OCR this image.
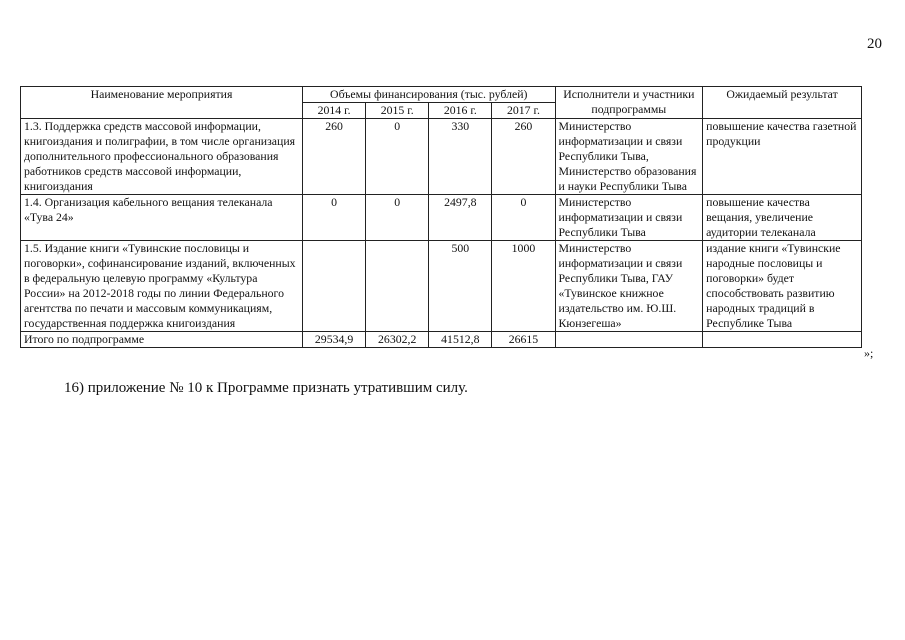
20
Наименование мероприятия	Объемы финансирования (тыс. рублей)				Исполнители и участники подпрограммы	Ожидаемый результат
	2014 г.	2015 г.	2016 г.	2017 г.		
1.3. Поддержка средств массовой информации, книгоиздания и полиграфии, в том числе организация дополнительного профессионального образования работников средств массовой информации, книгоиздания	260	0	330	260	Министерство информатизации и связи Республики Тыва, Министерство образования и науки Республики Тыва	повышение качества газетной продукции
1.4. Организация кабельного вещания телеканала «Тува 24»	0	0	2497,8	0	Министерство информатизации и связи Республики Тыва	повышение качества вещания, увеличение аудитории телеканала
1.5. Издание книги «Тувинские пословицы и поговорки», софинансирование изданий, включенных в федеральную целевую программу «Культура России» на 2012-2018 годы по линии Федерального агентства по печати и массовым коммуникациям, государственная поддержка книгоиздания			500	1000	Министерство информатизации и связи Республики Тыва, ГАУ «Тувинское книжное издательство им. Ю.Ш. Кюнзегеша»	издание книги «Тувинские народные пословицы и поговорки» будет способствовать развитию народных традиций в Республике Тыва
Итого по подпрограмме	29534,9	26302,2	41512,8	26615		
»;
16) приложение № 10 к Программе признать утратившим силу.
